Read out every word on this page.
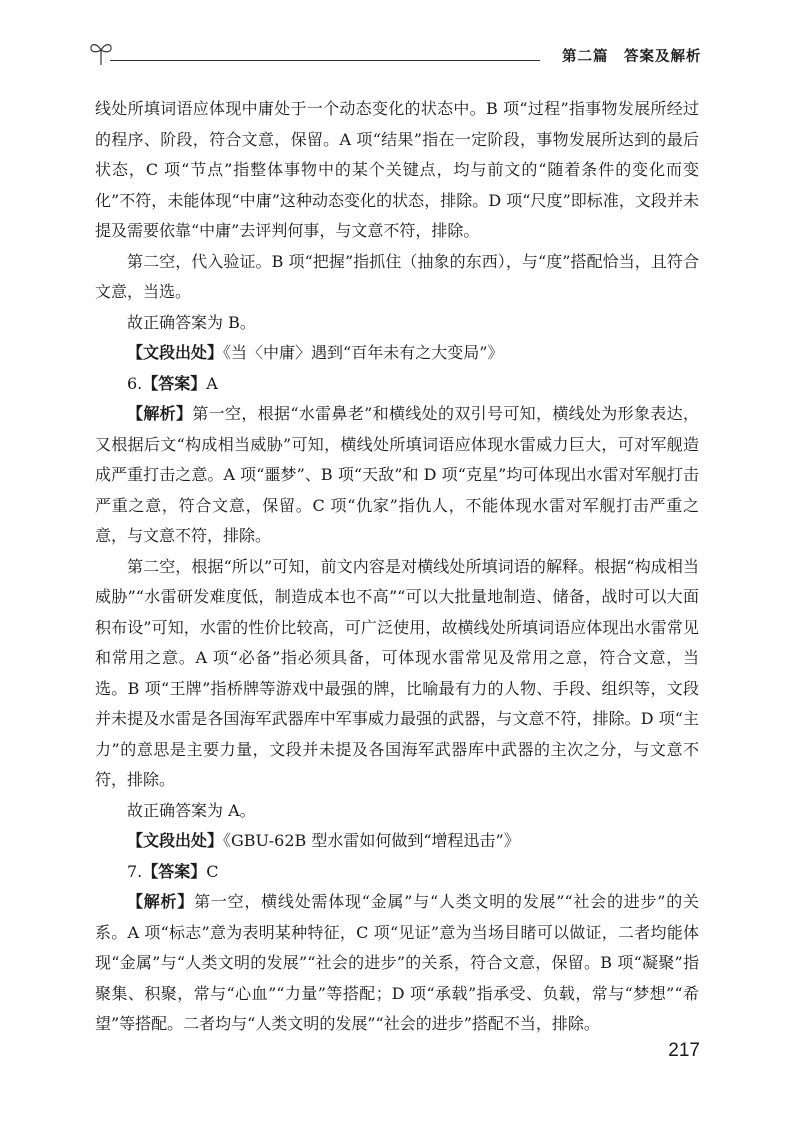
第二篇　答案及解析

线处所填词语应体现中庸处于一个动态变化的状态中。B 项“过程”指事物发展所经过的程序、阶段，符合文意，保留。A 项“结果”指在一定阶段，事物发展所达到的最后状态，C 项“节点”指整体事物中的某个关键点，均与前文的“随着条件的变化而变化”不符，未能体现“中庸”这种动态变化的状态，排除。D 项“尺度”即标准，文段并未提及需要依靠“中庸”去评判何事，与文意不符，排除。

第二空，代入验证。B 项“把握”指抓住（抽象的东西），与“度”搭配恰当，且符合文意，当选。

故正确答案为 B。

【文段出处】《当〈中庸〉遇到“百年未有之大变局”》

6.【答案】A

【解析】第一空，根据“水雷鼻老”和横线处的双引号可知，横线处为形象表达，又根据后文“构成相当威胁”可知，横线处所填词语应体现水雷威力巨大，可对军舰造成严重打击之意。A 项“噩梦”、B 项“天敌”和 D 项“克星”均可体现出水雷对军舰打击严重之意，符合文意，保留。C 项“仇家”指仇人，不能体现水雷对军舰打击严重之意，与文意不符，排除。

第二空，根据“所以”可知，前文内容是对横线处所填词语的解释。根据“构成相当威胁”“水雷研发难度低，制造成本也不高”“可以大批量地制造、储备，战时可以大面积布设”可知，水雷的性价比较高，可广泛使用，故横线处所填词语应体现出水雷常见和常用之意。A 项“必备”指必须具备，可体现水雷常见及常用之意，符合文意，当选。B 项“王牌”指桥牌等游戏中最强的牌，比喻最有力的人物、手段、组织等，文段并未提及水雷是各国海军武器库中军事威力最强的武器，与文意不符，排除。D 项“主力”的意思是主要力量，文段并未提及各国海军武器库中武器的主次之分，与文意不符，排除。

故正确答案为 A。

【文段出处】《GBU-62B 型水雷如何做到“增程迅击”》

7.【答案】C

【解析】第一空，横线处需体现“金属”与“人类文明的发展”“社会的进步”的关系。A 项“标志”意为表明某种特征，C 项“见证”意为当场目睹可以做证，二者均能体现“金属”与“人类文明的发展”“社会的进步”的关系，符合文意，保留。B 项“凝聚”指聚集、积聚，常与“心血”“力量”等搭配；D 项“承载”指承受、负载，常与“梦想”“希望”等搭配。二者均与“人类文明的发展”“社会的进步”搭配不当，排除。

217
